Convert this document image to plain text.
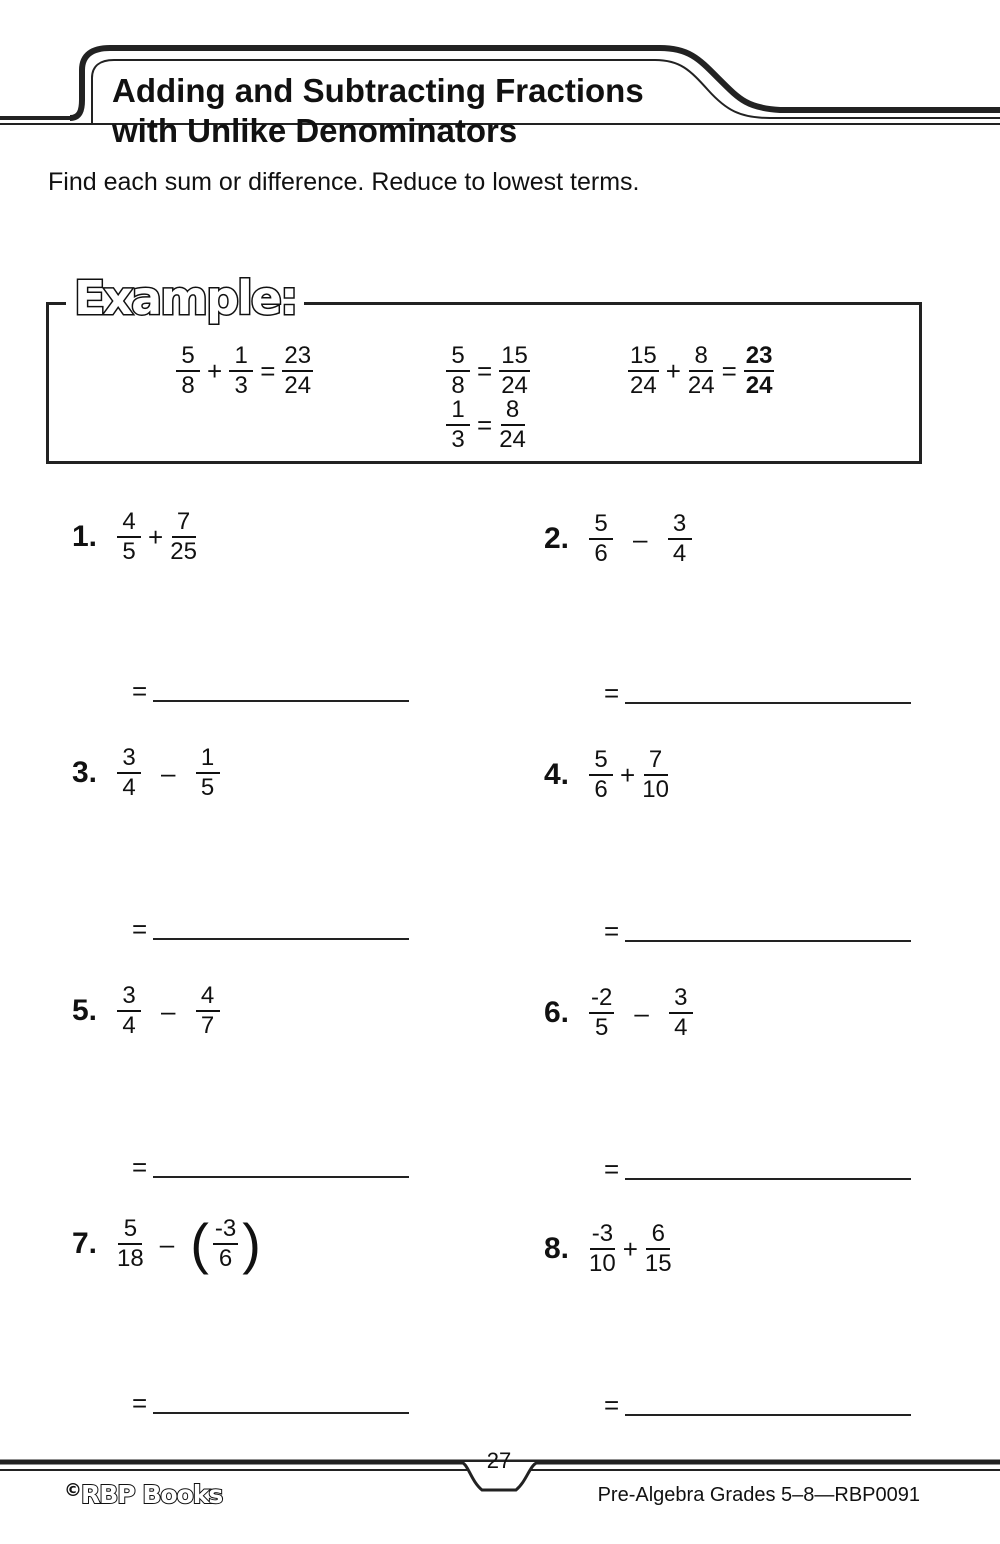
Adding and Subtracting Fractions
with Unlike Denominators
Find each sum or difference. Reduce to lowest terms.
Example:
$\frac{5}{8} + \frac{1}{3} = \frac{23}{24}$	$\frac{5}{8} = \frac{15}{24}$
$\frac{1}{3} = \frac{8}{24}$
$\frac{15}{24} + \frac{8}{24} = \frac{23}{24}$
1. $\frac{4}{5} + \frac{7}{25}$
=
2. $\frac{5}{6} - \frac{3}{4}$
=
3. $\frac{3}{4} - \frac{1}{5}$
=
4. $\frac{5}{6} + \frac{7}{10}$
=
5. $\frac{3}{4} - \frac{4}{7}$
=
6. $\frac{-2}{5} - \frac{3}{4}$
=
7. $\frac{5}{18}$ – ( $\frac{-3}{6}$ )
=
8. $\frac{-3}{10} + \frac{6}{15}$
=
27
©RBP Books	Pre-Algebra Grades 5–8—RBP0091
